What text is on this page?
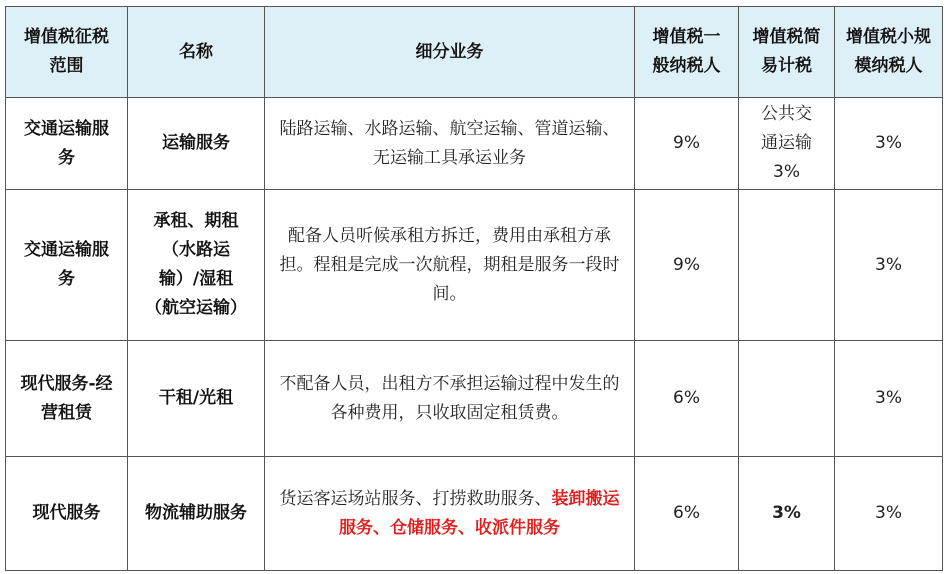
增值税征税范围	名称	细分业务	增值税一般纳税人	增值税简易计税	增值税小规模纳税人
交通运输服务	运输服务	陆路运输、水路运输、航空运输、管道运输、无运输工具承运业务	9%	公共交通运输3%	3%
交通运输服务	承租、期租（水路运输）/湿租（航空运输）	配备人员听候承租方拆迁，费用由承租方承担。程租是完成一次航程，期租是服务一段时间。	9%		3%
现代服务-经营租赁	干租/光租	不配备人员，出租方不承担运输过程中发生的各种费用，只收取固定租赁费。	6%		3%
现代服务	物流辅助服务	货运客运场站服务、打捞救助服务、装卸搬运服务、仓储服务、收派件服务	6%	3%	3%
